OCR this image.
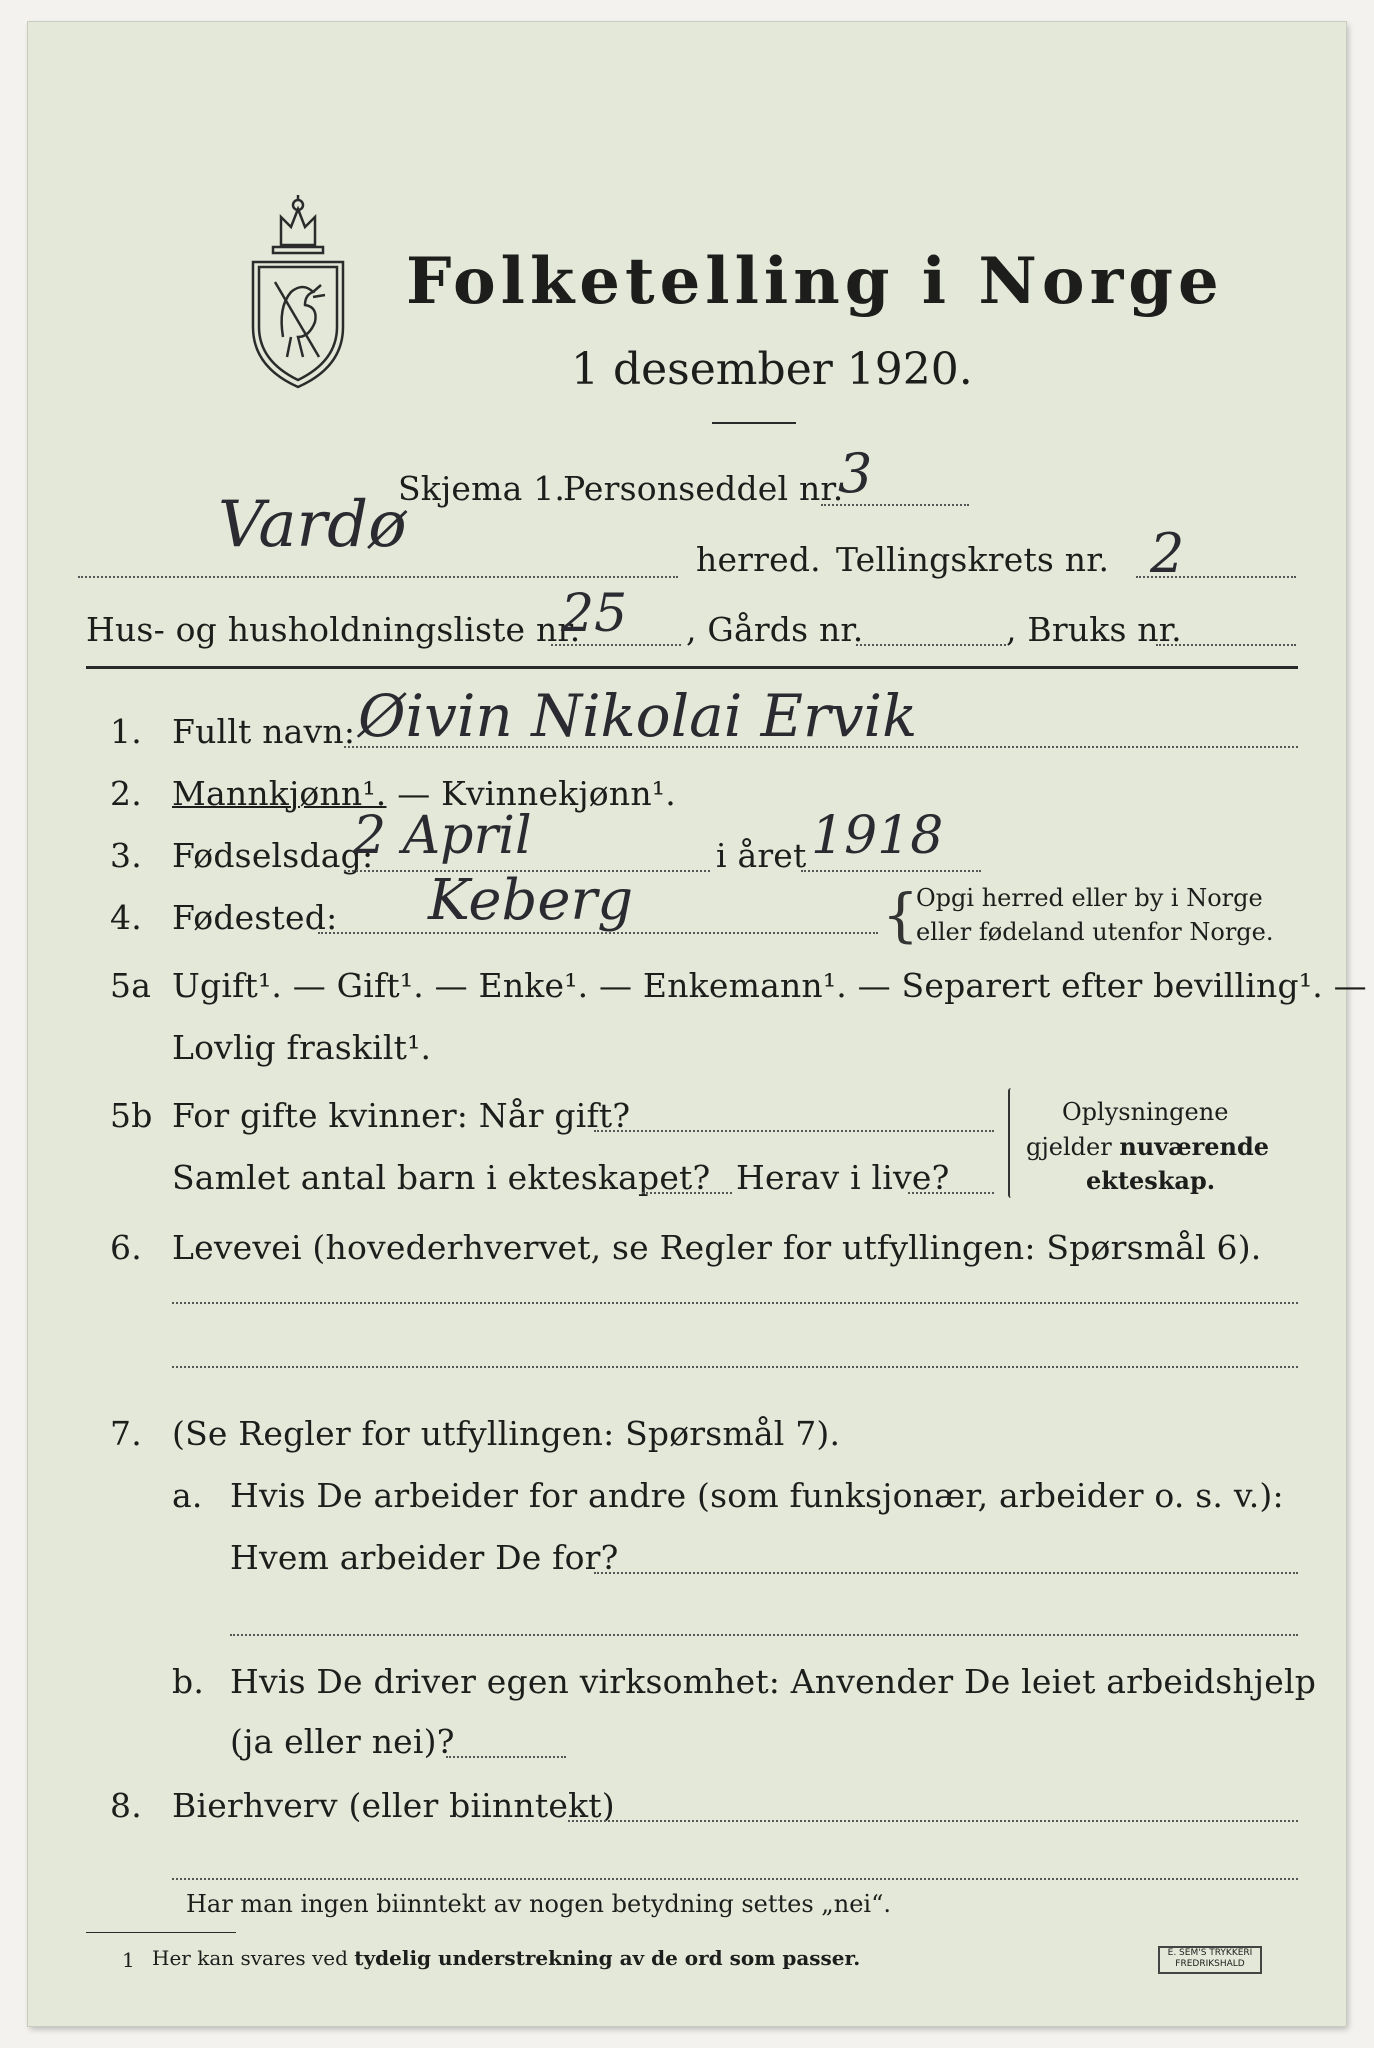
Folketelling i Norge
1 desember 1920.
Skjema 1.
Personseddel nr.
3
Vardø	herred. Tellingskrets nr. 2
Hus- og husholdningsliste nr.
25 , Gårds nr.	, Bruks nr.
1. Fullt navn: Øivin Nikolai Ervik
2. Mannkjønn¹. — Kvinnekjønn¹.
3. Fødselsdag:
2 April	i året 1918
4. Fødested: Keberg	{
Opgi herred eller by i Norge
eller fødeland utenfor Norge.
5a Ugift¹. — Gift¹. — Enke¹. — Enkemann¹. — Separert efter bevilling¹. —
Lovlig fraskilt¹.
5b For gifte kvinner: Når gift?
Samlet antal barn i ekteskapet? Herav i live?
Oplysningene
gjelder nuværende
ekteskap.
6. Levevei (hovederhvervet, se Regler for utfyllingen: Spørsmål 6).
7. (Se Regler for utfyllingen: Spørsmål 7).
a. Hvis De arbeider for andre (som funksjonær, arbeider o. s. v.):
Hvem arbeider De for?
b. Hvis De driver egen virksomhet: Anvender De leiet arbeidshjelp
(ja eller nei)?
8. Bierhverv (eller biinntekt)
Har man ingen biinntekt av nogen betydning settes „nei“.
1 Her kan svares ved tydelig understrekning av de ord som passer.	E. SEM'S TRYKKERI
FREDRIKSHALD
